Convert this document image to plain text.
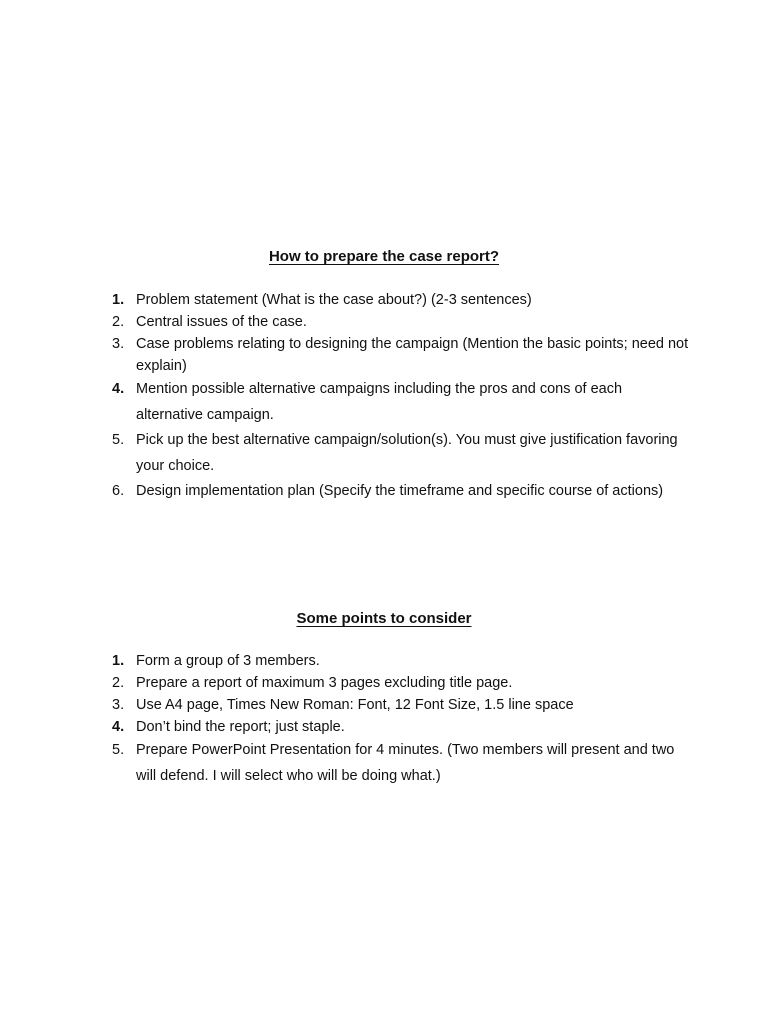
How to prepare the case report?
1. Problem statement (What is the case about?) (2-3 sentences)
2. Central issues of the case.
3. Case problems relating to designing the campaign (Mention the basic points; need not explain)
4. Mention possible alternative campaigns including the pros and cons of each alternative campaign.
5. Pick up the best alternative campaign/solution(s). You must give justification favoring your choice.
6. Design implementation plan (Specify the timeframe and specific course of actions)
Some points to consider
1. Form a group of 3 members.
2. Prepare a report of maximum 3 pages excluding title page.
3. Use A4 page, Times New Roman: Font, 12 Font Size, 1.5 line space
4. Don’t bind the report; just staple.
5. Prepare PowerPoint Presentation for 4 minutes. (Two members will present and two will defend. I will select who will be doing what.)
